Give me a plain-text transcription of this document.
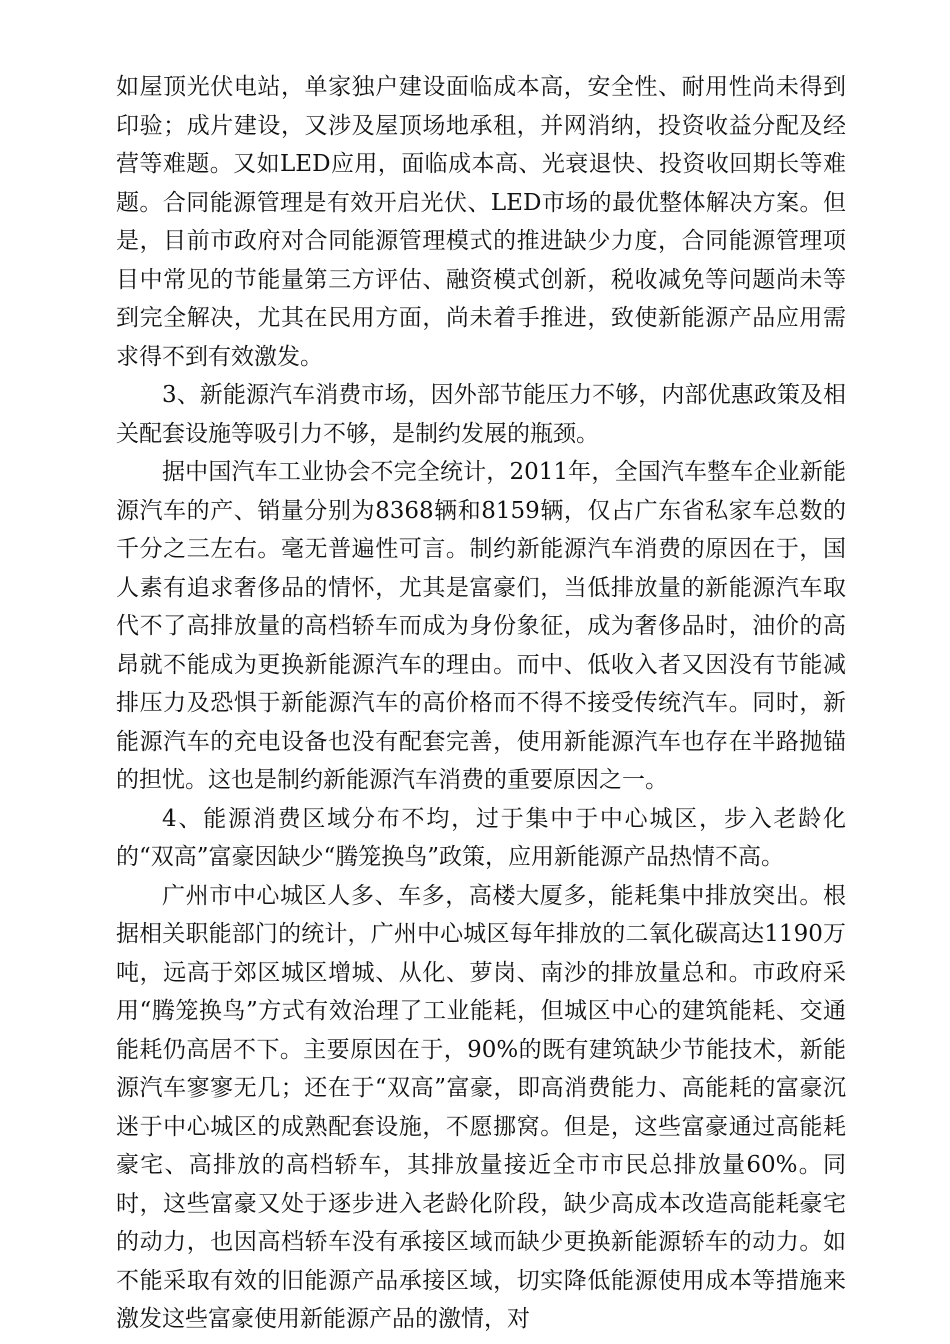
如屋顶光伏电站，单家独户建设面临成本高，安全性、耐用性尚未得到印验；成片建设，又涉及屋顶场地承租，并网消纳，投资收益分配及经营等难题。又如LED应用，面临成本高、光衰退快、投资收回期长等难题。合同能源管理是有效开启光伏、LED市场的最优整体解决方案。但是，目前市政府对合同能源管理模式的推进缺少力度，合同能源管理项目中常见的节能量第三方评估、融资模式创新，税收减免等问题尚未等到完全解决，尤其在民用方面，尚未着手推进，致使新能源产品应用需求得不到有效激发。

3、新能源汽车消费市场，因外部节能压力不够，内部优惠政策及相关配套设施等吸引力不够，是制约发展的瓶颈。

据中国汽车工业协会不完全统计，2011年，全国汽车整车企业新能源汽车的产、销量分别为8368辆和8159辆，仅占广东省私家车总数的千分之三左右。毫无普遍性可言。制约新能源汽车消费的原因在于，国人素有追求奢侈品的情怀，尤其是富豪们，当低排放量的新能源汽车取代不了高排放量的高档轿车而成为身份象征，成为奢侈品时，油价的高昂就不能成为更换新能源汽车的理由。而中、低收入者又因没有节能减排压力及恐惧于新能源汽车的高价格而不得不接受传统汽车。同时，新能源汽车的充电设备也没有配套完善，使用新能源汽车也存在半路抛锚的担忧。这也是制约新能源汽车消费的重要原因之一。

4、能源消费区域分布不均，过于集中于中心城区，步入老龄化的“双高”富豪因缺少“腾笼换鸟”政策，应用新能源产品热情不高。

广州市中心城区人多、车多，高楼大厦多，能耗集中排放突出。根据相关职能部门的统计，广州中心城区每年排放的二氧化碳高达1190万吨，远高于郊区城区增城、从化、萝岗、南沙的排放量总和。市政府采用“腾笼换鸟”方式有效治理了工业能耗，但城区中心的建筑能耗、交通能耗仍高居不下。主要原因在于，90%的既有建筑缺少节能技术，新能源汽车寥寥无几；还在于“双高”富豪，即高消费能力、高能耗的富豪沉迷于中心城区的成熟配套设施，不愿挪窝。但是，这些富豪通过高能耗豪宅、高排放的高档轿车，其排放量接近全市市民总排放量60%。同时，这些富豪又处于逐步进入老龄化阶段，缺少高成本改造高能耗豪宅的动力，也因高档轿车没有承接区域而缺少更换新能源轿车的动力。如不能采取有效的旧能源产品承接区域，切实降低能源使用成本等措施来激发这些富豪使用新能源产品的激情，对
